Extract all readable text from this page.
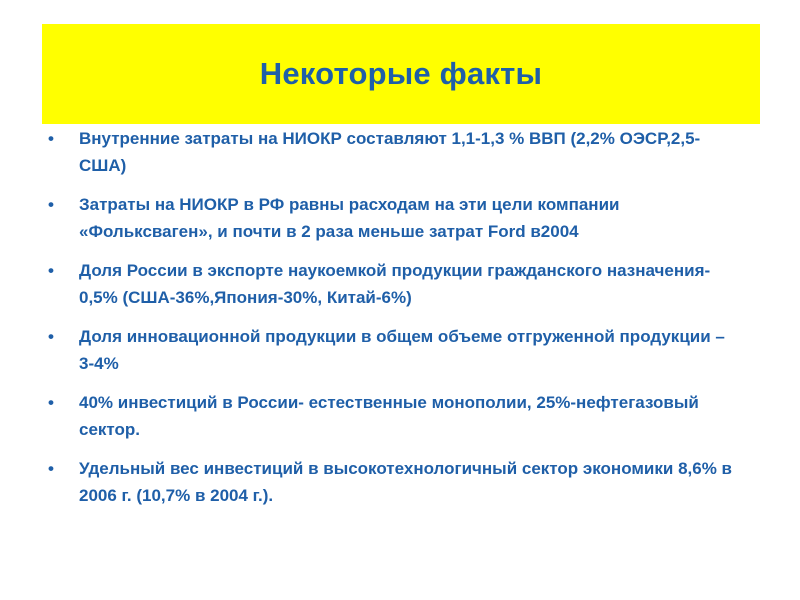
Некоторые факты
• Внутренние затраты на НИОКР составляют 1,1-1,3 % ВВП (2,2% ОЭСР,2,5-США)
• Затраты на НИОКР в РФ равны расходам на эти цели компании «Фольксваген», и почти в 2 раза меньше затрат Ford в2004
• Доля России в экспорте наукоемкой продукции гражданского назначения- 0,5% (США-36%,Япония-30%, Китай-6%)
• Доля инновационной продукции в общем объеме отгруженной продукции – 3-4%
• 40% инвестиций в России- естественные монополии, 25%-нефтегазовый сектор.
• Удельный вес инвестиций в высокотехнологичный сектор экономики 8,6% в 2006 г. (10,7% в 2004 г.).
